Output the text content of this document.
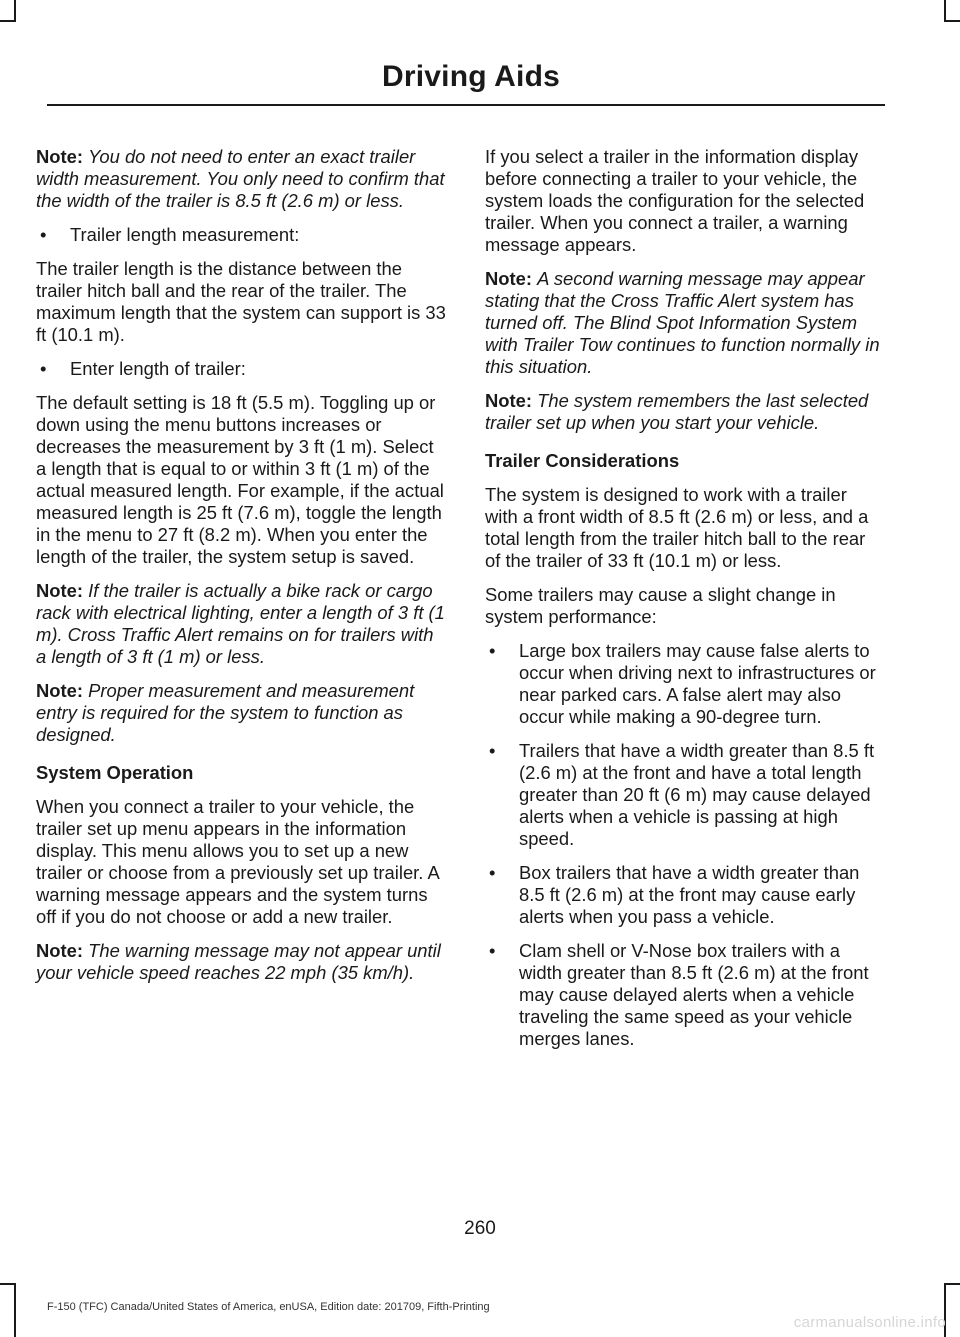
Driving Aids

Note: You do not need to enter an exact trailer width measurement. You only need to confirm that the width of the trailer is 8.5 ft (2.6 m) or less.

•	Trailer length measurement:

The trailer length is the distance between the trailer hitch ball and the rear of the trailer. The maximum length that the system can support is 33 ft (10.1 m).

•	Enter length of trailer:

The default setting is 18 ft (5.5 m). Toggling up or down using the menu buttons increases or decreases the measurement by 3 ft (1 m). Select a length that is equal to or within 3 ft (1 m) of the actual measured length. For example, if the actual measured length is 25 ft (7.6 m), toggle the length in the menu to 27 ft (8.2 m). When you enter the length of the trailer, the system setup is saved.

Note: If the trailer is actually a bike rack or cargo rack with electrical lighting, enter a length of 3 ft (1 m). Cross Traffic Alert remains on for trailers with a length of 3 ft (1 m) or less.

Note: Proper measurement and measurement entry is required for the system to function as designed.

System Operation

When you connect a trailer to your vehicle, the trailer set up menu appears in the information display. This menu allows you to set up a new trailer or choose from a previously set up trailer. A warning message appears and the system turns off if you do not choose or add a new trailer.

Note: The warning message may not appear until your vehicle speed reaches 22 mph (35 km/h).

If you select a trailer in the information display before connecting a trailer to your vehicle, the system loads the configuration for the selected trailer. When you connect a trailer, a warning message appears.

Note: A second warning message may appear stating that the Cross Traffic Alert system has turned off. The Blind Spot Information System with Trailer Tow continues to function normally in this situation.

Note: The system remembers the last selected trailer set up when you start your vehicle.

Trailer Considerations

The system is designed to work with a trailer with a front width of 8.5 ft (2.6 m) or less, and a total length from the trailer hitch ball to the rear of the trailer of 33 ft (10.1 m) or less.

Some trailers may cause a slight change in system performance:

•	Large box trailers may cause false alerts to occur when driving next to infrastructures or near parked cars. A false alert may also occur while making a 90-degree turn.
•	Trailers that have a width greater than 8.5 ft (2.6 m) at the front and have a total length greater than 20 ft (6 m) may cause delayed alerts when a vehicle is passing at high speed.
•	Box trailers that have a width greater than 8.5 ft (2.6 m) at the front may cause early alerts when you pass a vehicle.
•	Clam shell or V-Nose box trailers with a width greater than 8.5 ft (2.6 m) at the front may cause delayed alerts when a vehicle traveling the same speed as your vehicle merges lanes.
260
F-150 (TFC) Canada/United States of America, enUSA, Edition date: 201709, Fifth-Printing
carmanualsonline.info
